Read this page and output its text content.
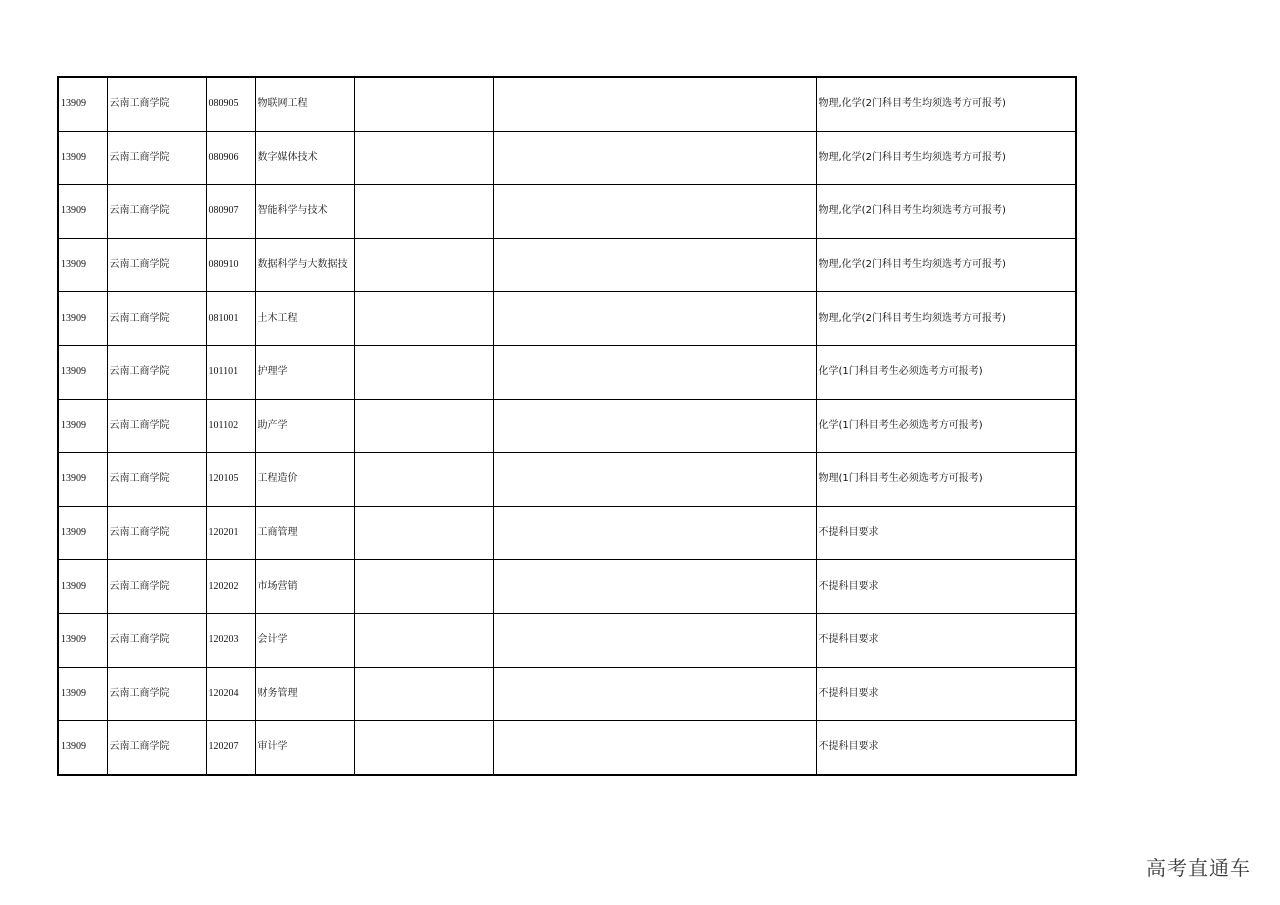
13909	云南工商学院	080905	物联网工程			物理,化学(2门科目考生均须选考方可报考)
13909	云南工商学院	080906	数字媒体技术			物理,化学(2门科目考生均须选考方可报考)
13909	云南工商学院	080907	智能科学与技术			物理,化学(2门科目考生均须选考方可报考)
13909	云南工商学院	080910	数据科学与大数据技			物理,化学(2门科目考生均须选考方可报考)
13909	云南工商学院	081001	土木工程			物理,化学(2门科目考生均须选考方可报考)
13909	云南工商学院	101101	护理学			化学(1门科目考生必须选考方可报考)
13909	云南工商学院	101102	助产学			化学(1门科目考生必须选考方可报考)
13909	云南工商学院	120105	工程造价			物理(1门科目考生必须选考方可报考)
13909	云南工商学院	120201	工商管理			不提科目要求
13909	云南工商学院	120202	市场营销			不提科目要求
13909	云南工商学院	120203	会计学			不提科目要求
13909	云南工商学院	120204	财务管理			不提科目要求
13909	云南工商学院	120207	审计学			不提科目要求
高考直通车
